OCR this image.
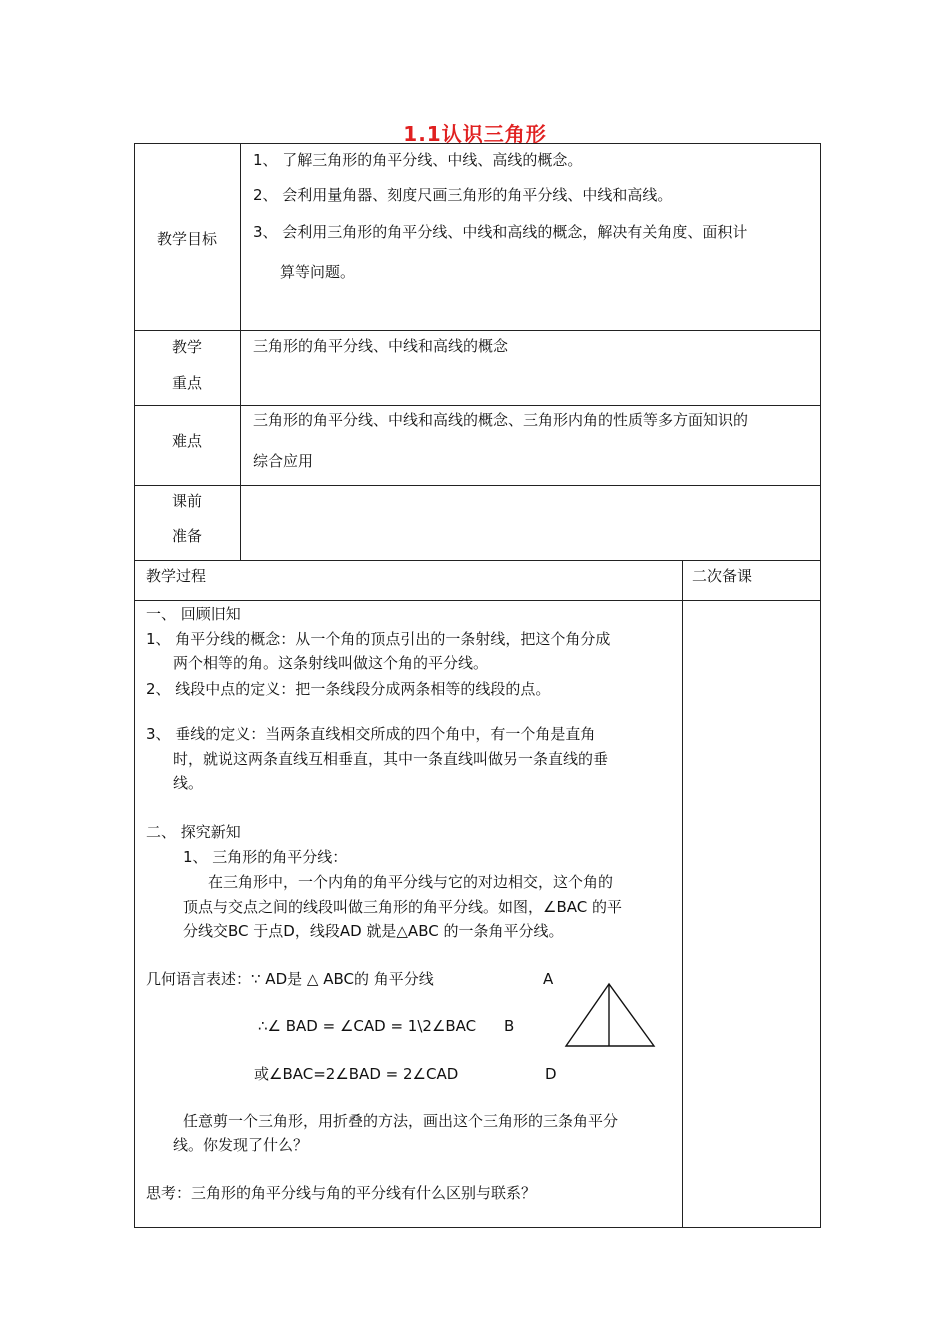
1.1认识三角形
教学目标
1、 了解三角形的角平分线、中线、高线的概念。
2、 会利用量角器、刻度尺画三角形的角平分线、中线和高线。
3、 会利用三角形的角平分线、中线和高线的概念，解决有关角度、面积计
算等问题。
教学
重点
三角形的角平分线、中线和高线的概念
难点
三角形的角平分线、中线和高线的概念、三角形内角的性质等多方面知识的
综合应用
课前
准备
教学过程	二次备课
一、 回顾旧知
1、 角平分线的概念：从一个角的顶点引出的一条射线，把这个角分成
两个相等的角。这条射线叫做这个角的平分线。
2、 线段中点的定义：把一条线段分成两条相等的线段的点。
3、 垂线的定义：当两条直线相交所成的四个角中，有一个角是直角
时，就说这两条直线互相垂直，其中一条直线叫做另一条直线的垂
线。
二、 探究新知
1、 三角形的角平分线：
在三角形中，一个内角的角平分线与它的对边相交，这个角的
顶点与交点之间的线段叫做三角形的角平分线。如图，∠BAC 的平
分线交BC 于点D，线段AD 就是△ABC 的一条角平分线。
几何语言表述：∵ AD是 △ ABC的 角平分线
∴∠ BAD = ∠CAD = 1\2∠BAC
或∠BAC=2∠BAD = 2∠CAD
A
B
D
任意剪一个三角形，用折叠的方法，画出这个三角形的三条角平分
线。你发现了什么？
思考：三角形的角平分线与角的平分线有什么区别与联系？
